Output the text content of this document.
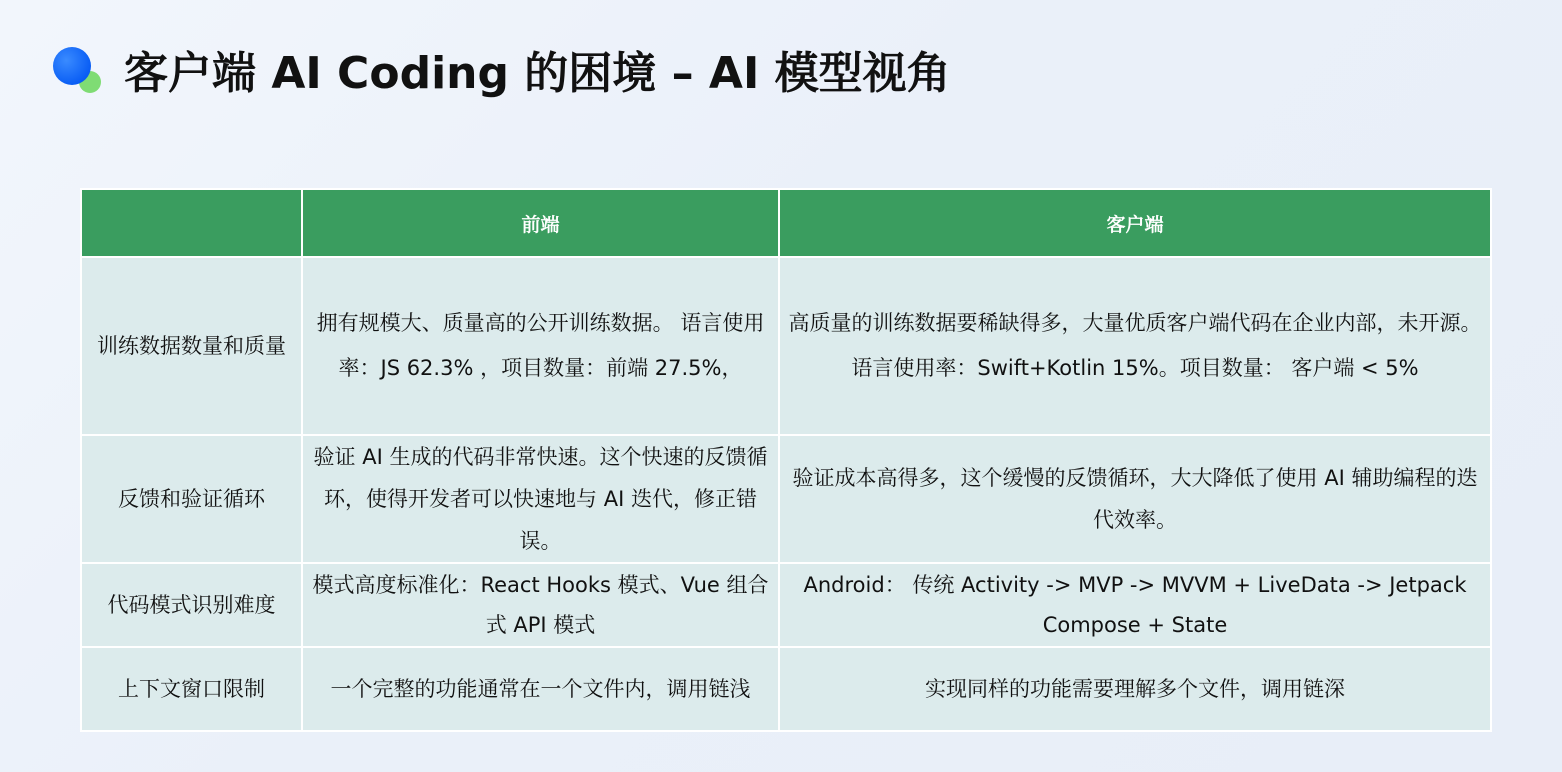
客户端 AI Coding 的困境 – AI 模型视角
	前端	客户端
训练数据数量和质量	拥有规模大、质量高的公开训练数据。 语言使用率：JS 62.3% ，项目数量：前端 27.5%，	高质量的训练数据要稀缺得多，大量优质客户端代码在企业内部，未开源。语言使用率：Swift+Kotlin 15%。项目数量： 客户端 < 5%
反馈和验证循环	验证 AI 生成的代码非常快速。这个快速的反馈循环，使得开发者可以快速地与 AI 迭代，修正错误。	验证成本高得多，这个缓慢的反馈循环，大大降低了使用 AI 辅助编程的迭代效率。
代码模式识别难度	模式高度标准化：React Hooks 模式、Vue 组合式 API 模式	Android： 传统 Activity -> MVP -> MVVM + LiveData -> Jetpack Compose + State
上下文窗口限制	一个完整的功能通常在一个文件内，调用链浅	实现同样的功能需要理解多个文件，调用链深
